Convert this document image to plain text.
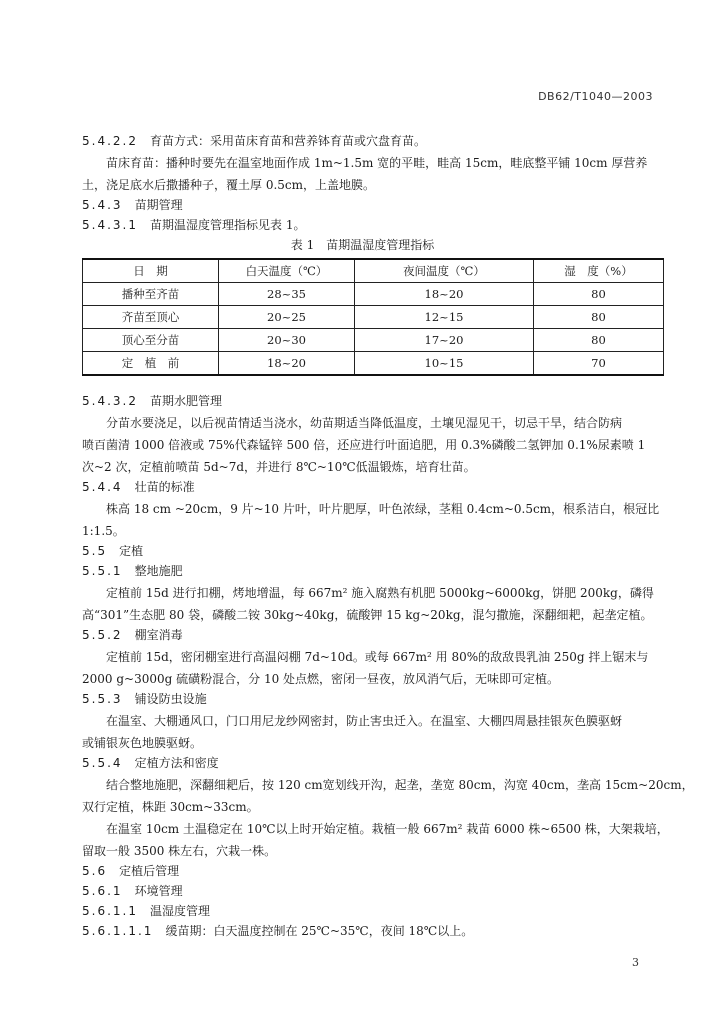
DB62/T1040—2003
5.4.2.2　 育苗方式：采用苗床育苗和营养钵育苗或穴盘育苗。
苗床育苗：播种时要先在温室地面作成 1m~1.5m 宽的平畦，畦高 15cm，畦底整平铺 10cm 厚营养
土，浇足底水后撒播种子，覆土厚 0.5cm，上盖地膜。
5.4.3　 苗期管理
5.4.3.1　 苗期温湿度管理指标见表 1。
表 1　苗期温湿度管理指标
日　期	白天温度（℃）	夜间温度（℃）	湿　度（%）
播种至齐苗	28~35	18~20	80
齐苗至顶心	20~25	12~15	80
顶心至分苗	20~30	17~20	80
定　植　前	18~20	10~15	70
5.4.3.2　 苗期水肥管理
分苗水要浇足，以后视苗情适当浇水，幼苗期适当降低温度，土壤见湿见干，切忌干旱，结合防病
喷百菌清 1000 倍液或 75%代森锰锌 500 倍，还应进行叶面追肥，用 0.3%磷酸二氢钾加 0.1%尿素喷 1
次~2 次，定植前喷苗 5d~7d，并进行 8℃~10℃低温锻炼，培育壮苗。
5.4.4　 壮苗的标准
株高 18 cm ~20cm，9 片~10 片叶，叶片肥厚，叶色浓绿，茎粗 0.4cm~0.5cm，根系洁白，根冠比
1:1.5。
5.5　 定植
5.5.1　 整地施肥
定植前 15d 进行扣棚，烤地增温，每 667m² 施入腐熟有机肥 5000kg~6000kg，饼肥 200kg，磷得
高“301”生态肥 80 袋，磷酸二铵 30kg~40kg，硫酸钾 15 kg~20kg，混匀撒施，深翻细耙，起垄定植。
5.5.2　 棚室消毒
定植前 15d，密闭棚室进行高温闷棚 7d~10d。或每 667m² 用 80%的敌敌畏乳油 250g 拌上锯末与
2000 g~3000g 硫磺粉混合，分 10 处点燃，密闭一昼夜，放风消气后，无味即可定植。
5.5.3　 铺设防虫设施
在温室、大棚通风口，门口用尼龙纱网密封，防止害虫迁入。在温室、大棚四周悬挂银灰色膜驱蚜
或铺银灰色地膜驱蚜。
5.5.4　 定植方法和密度
结合整地施肥，深翻细耙后，按 120 cm宽划线开沟，起垄，垄宽 80cm，沟宽 40cm，垄高 15cm~20cm，
双行定植，株距 30cm~33cm。
在温室 10cm 土温稳定在 10℃以上时开始定植。栽植一般 667m² 栽苗 6000 株~6500 株，大架栽培，
留取一般 3500 株左右，穴栽一株。
5.6　 定植后管理
5.6.1　 环境管理
5.6.1.1　 温湿度管理
5.6.1.1.1　 缓苗期：白天温度控制在 25℃~35℃，夜间 18℃以上。
3
